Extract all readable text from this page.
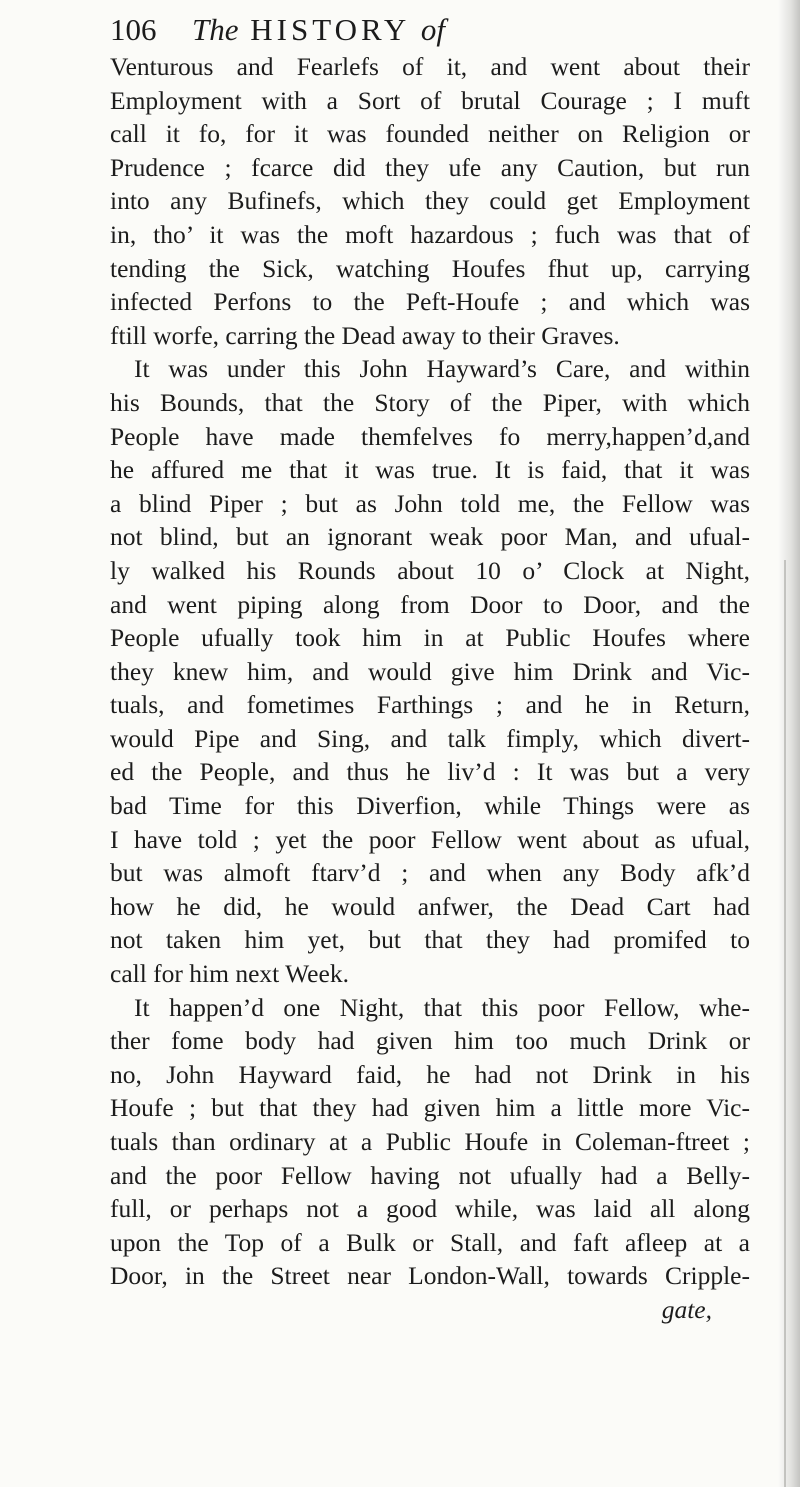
106 The HISTORY of
Venturous and Fearlefs of it, and went about their
Employment with a Sort of brutal Courage ; I muft
call it fo, for it was founded neither on Religion or
Prudence ; fcarce did they ufe any Caution, but run
into any Bufinefs, which they could get Employment
in, tho’ it was the moft hazardous ; fuch was that of
tending the Sick, watching Houfes fhut up, carrying
infected Perfons to the Peft-Houfe ; and which was
ftill worfe, carring the Dead away to their Graves.
It was under this John Hayward’s Care, and within
his Bounds, that the Story of the Piper, with which
People have made themfelves fo merry,happen’d,and
he affured me that it was true. It is faid, that it was
a blind Piper ; but as John told me, the Fellow was
not blind, but an ignorant weak poor Man, and ufual-
ly walked his Rounds about 10 o’ Clock at Night,
and went piping along from Door to Door, and the
People ufually took him in at Public Houfes where
they knew him, and would give him Drink and Vic-
tuals, and fometimes Farthings ; and he in Return,
would Pipe and Sing, and talk fimply, which divert-
ed the People, and thus he liv’d : It was but a very
bad Time for this Diverfion, while Things were as
I have told ; yet the poor Fellow went about as ufual,
but was almoft ftarv’d ; and when any Body afk’d
how he did, he would anfwer, the Dead Cart had
not taken him yet, but that they had promifed to
call for him next Week.
It happen’d one Night, that this poor Fellow, whe-
ther fome body had given him too much Drink or
no, John Hayward faid, he had not Drink in his
Houfe ; but that they had given him a little more Vic-
tuals than ordinary at a Public Houfe in Coleman-ftreet ;
and the poor Fellow having not ufually had a Belly-
full, or perhaps not a good while, was laid all along
upon the Top of a Bulk or Stall, and faft afleep at a
Door, in the Street near London-Wall, towards Cripple-
gate,
